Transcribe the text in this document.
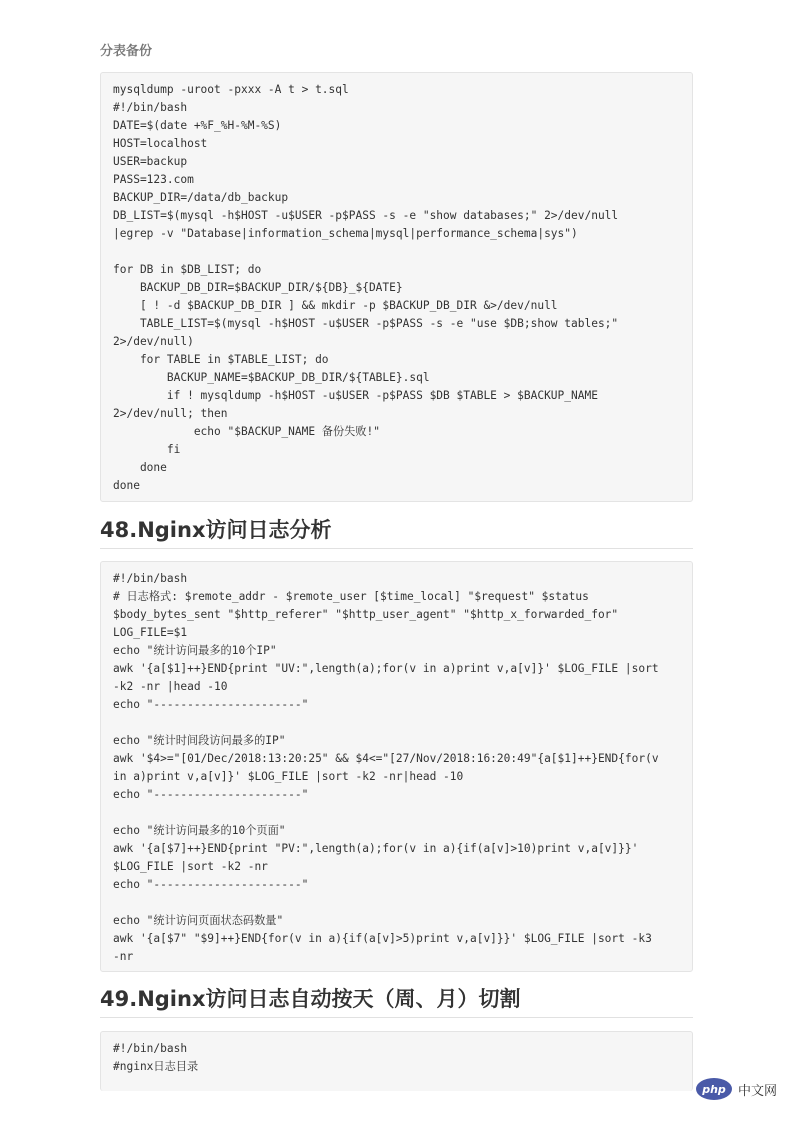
分表备份
mysqldump -uroot -pxxx -A t > t.sql
#!/bin/bash
DATE=$(date +%F_%H-%M-%S)
HOST=localhost
USER=backup
PASS=123.com
BACKUP_DIR=/data/db_backup
DB_LIST=$(mysql -h$HOST -u$USER -p$PASS -s -e "show databases;" 2>/dev/null
|egrep -v "Database|information_schema|mysql|performance_schema|sys")

for DB in $DB_LIST; do
BACKUP_DB_DIR=$BACKUP_DIR/${DB}_${DATE}
[ ! -d $BACKUP_DB_DIR ] && mkdir -p $BACKUP_DB_DIR &>/dev/null
TABLE_LIST=$(mysql -h$HOST -u$USER -p$PASS -s -e "use $DB;show tables;"
2>/dev/null)
for TABLE in $TABLE_LIST; do
BACKUP_NAME=$BACKUP_DB_DIR/${TABLE}.sql
if ! mysqldump -h$HOST -u$USER -p$PASS $DB $TABLE > $BACKUP_NAME
2>/dev/null; then
echo "$BACKUP_NAME 备份失败!"
fi
done
done
48.Nginx访问日志分析
#!/bin/bash
# 日志格式: $remote_addr - $remote_user [$time_local] "$request" $status
$body_bytes_sent "$http_referer" "$http_user_agent" "$http_x_forwarded_for"
LOG_FILE=$1
echo "统计访问最多的10个IP"
awk '{a[$1]++}END{print "UV:",length(a);for(v in a)print v,a[v]}' $LOG_FILE |sort
-k2 -nr |head -10
echo "----------------------"

echo "统计时间段访问最多的IP"
awk '$4>="[01/Dec/2018:13:20:25" && $4<="[27/Nov/2018:16:20:49"{a[$1]++}END{for(v
in a)print v,a[v]}' $LOG_FILE |sort -k2 -nr|head -10
echo "----------------------"

echo "统计访问最多的10个页面"
awk '{a[$7]++}END{print "PV:",length(a);for(v in a){if(a[v]>10)print v,a[v]}}'
$LOG_FILE |sort -k2 -nr
echo "----------------------"

echo "统计访问页面状态码数量"
awk '{a[$7" "$9]++}END{for(v in a){if(a[v]>5)print v,a[v]}}' $LOG_FILE |sort -k3
-nr
49.Nginx访问日志自动按天（周、月）切割
#!/bin/bash
#nginx日志目录
php 中文网
